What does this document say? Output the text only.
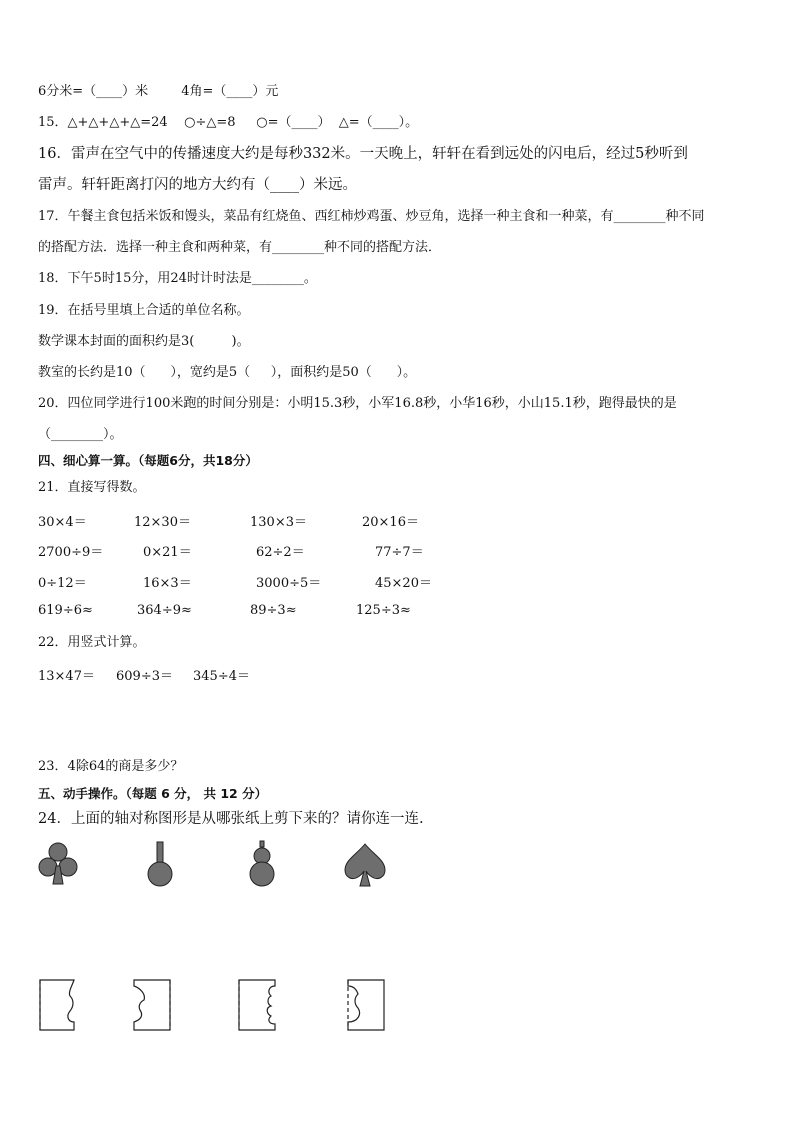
6分米=（____）米        4角=（____）元
15．△+△+△+△=24    ○÷△=8     ○=（____）  △=（____）。
16．雷声在空气中的传播速度大约是每秒332米。一天晚上，轩轩在看到远处的闪电后，经过5秒听到
雷声。轩轩距离打闪的地方大约有（____）米远。
17．午餐主食包括米饭和馒头，菜品有红烧鱼、西红柿炒鸡蛋、炒豆角，选择一种主食和一种菜，有________种不同
的搭配方法．选择一种主食和两种菜，有________种不同的搭配方法．
18．下午5时15分，用24时计时法是________。
19．在括号里填上合适的单位名称。
数学课本封面的面积约是3(         )。
教室的长约是10（      ），宽约是5（     ），面积约是50（      ）。
20．四位同学进行100米跑的时间分别是：小明15.3秒，小军16.8秒，小华16秒，小山15.1秒，跑得最快的是
（________）。
四、细心算一算。（每题6分，共18分）
21．直接写得数。
30×4＝	12×30＝	130×3＝	20×16＝
2700÷9＝	0×21＝	62÷2＝	77÷7＝
0÷12＝	16×3＝	3000÷5＝	45×20＝
619÷6≈	364÷9≈	89÷3≈	125÷3≈
22．用竖式计算。
13×47＝ 609÷3＝ 345÷4＝
23．4除64的商是多少？
五、动手操作。（每题 6 分， 共 12 分）
24．上面的轴对称图形是从哪张纸上剪下来的？请你连一连.
